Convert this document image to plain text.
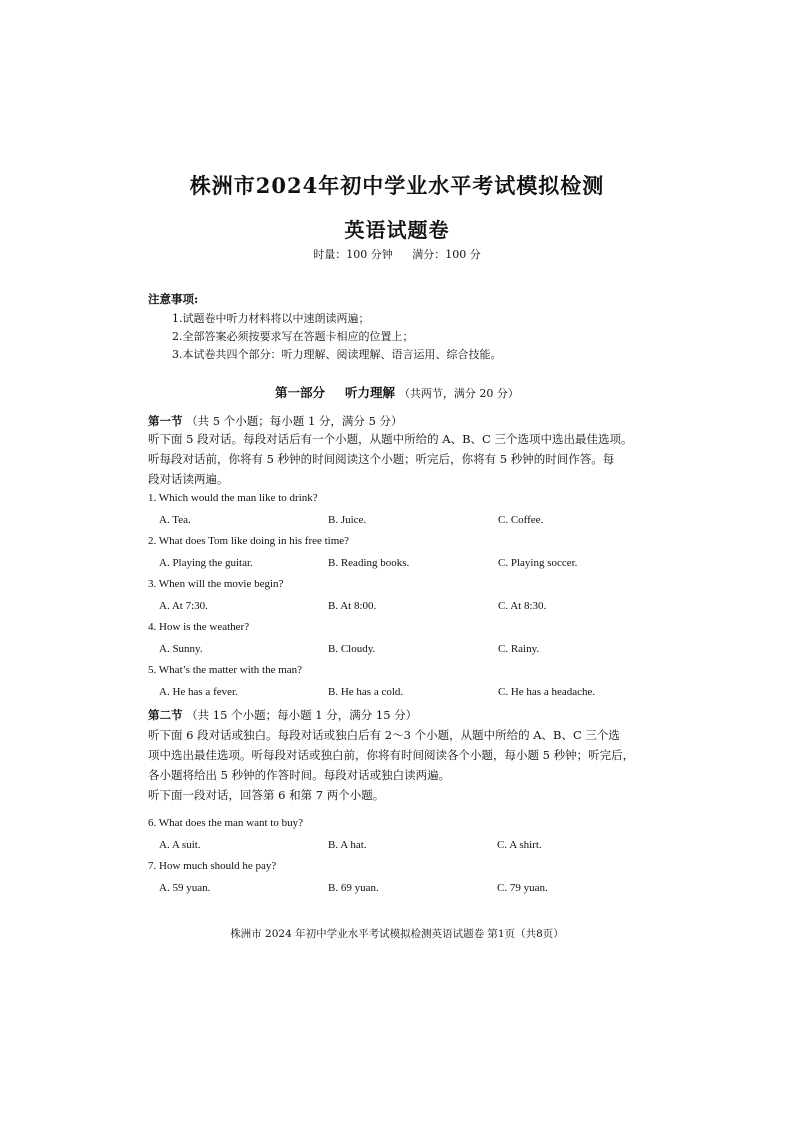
株洲市2024年初中学业水平考试模拟检测
英语试题卷
时量：100 分钟 满分：100 分
注意事项:
1.试题卷中听力材料将以中速朗读两遍；
2.全部答案必须按要求写在答题卡相应的位置上；
3.本试卷共四个部分：听力理解、阅读理解、语言运用、综合技能。
第一部分 听力理解 （共两节，满分 20 分）
第一节 （共 5 个小题；每小题 1 分，满分 5 分）
听下面 5 段对话。每段对话后有一个小题，从题中所给的 A、B、C 三个选项中选出最佳选项。
听每段对话前，你将有 5 秒钟的时间阅读这个小题；听完后，你将有 5 秒钟的时间作答。每
段对话读两遍。
1. Which would the man like to drink?
A. Tea.	B. Juice.	C. Coffee.
2. What does Tom like doing in his free time?
A. Playing the guitar.	B. Reading books.	C. Playing soccer.
3. When will the movie begin?
A. At 7:30.	B. At 8:00.	C. At 8:30.
4. How is the weather?
A. Sunny.	B. Cloudy.	C. Rainy.
5. What’s the matter with the man?
A. He has a fever.	B. He has a cold.	C. He has a headache.
第二节 （共 15 个小题；每小题 1 分，满分 15 分）
听下面 6 段对话或独白。每段对话或独白后有 2～3 个小题，从题中所给的 A、B、C 三个选
项中选出最佳选项。听每段对话或独白前，你将有时间阅读各个小题，每小题 5 秒钟；听完后，
各小题将给出 5 秒钟的作答时间。每段对话或独白读两遍。
听下面一段对话，回答第 6 和第 7 两个小题。
6. What does the man want to buy?
A. A suit.	B. A hat.	C. A shirt.
7. How much should he pay?
A. 59 yuan.	B. 69 yuan.	C. 79 yuan.
株洲市 2024 年初中学业水平考试模拟检测英语试题卷 第1页（共8页）
